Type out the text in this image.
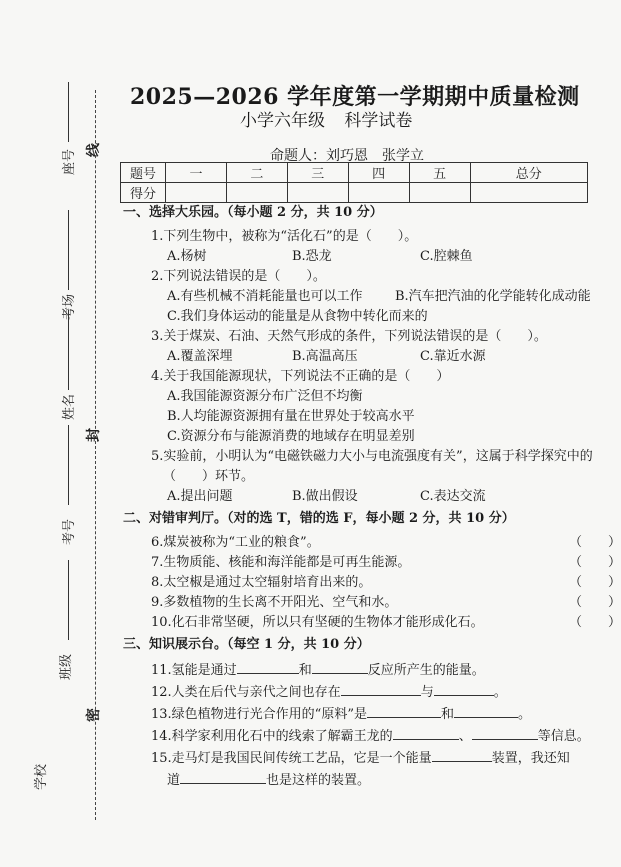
线
封
密
座号
考场
姓名
考号
班级
学校
2025—2026 学年度第一学期期中质量检测
小学六年级 科学试卷
命题人：刘巧恩　张学立
题号	一	二	三	四	五	总分
得分						
一、选择大乐园。（每小题 2 分，共 10 分）
1.下列生物中，被称为“活化石”的是（　　）。
A.杨树	B.恐龙	C.腔棘鱼
2.下列说法错误的是（　　）。
A.有些机械不消耗能量也可以工作	B.汽车把汽油的化学能转化成动能
C.我们身体运动的能量是从食物中转化而来的
3.关于煤炭、石油、天然气形成的条件，下列说法错误的是（　　）。
A.覆盖深埋	B.高温高压	C.靠近水源
4.关于我国能源现状，下列说法不正确的是（　　）
A.我国能源资源分布广泛但不均衡
B.人均能源资源拥有量在世界处于较高水平
C.资源分布与能源消费的地域存在明显差别
5.实验前，小明认为“电磁铁磁力大小与电流强度有关”，这属于科学探究中的（　　）环节。
A.提出问题	B.做出假设	C.表达交流
二、对错审判厅。（对的选 T，错的选 F，每小题 2 分，共 10 分）
6.煤炭被称为“工业的粮食”。	（　　）
7.生物质能、核能和海洋能都是可再生能源。	（　　）
8.太空椒是通过太空辐射培育出来的。	（　　）
9.多数植物的生长离不开阳光、空气和水。	（　　）
10.化石非常坚硬，所以只有坚硬的生物体才能形成化石。	（　　）
三、知识展示台。（每空 1 分，共 10 分）
11.氢能是通过	和	反应所产生的能量。
12.人类在后代与亲代之间也存在	与	。
13.绿色植物进行光合作用的“原料”是	和	。
14.科学家利用化石中的线索了解霸王龙的	、	等信息。
15.走马灯是我国民间传统工艺品，它是一个能量	装置，我还知
道	也是这样的装置。
